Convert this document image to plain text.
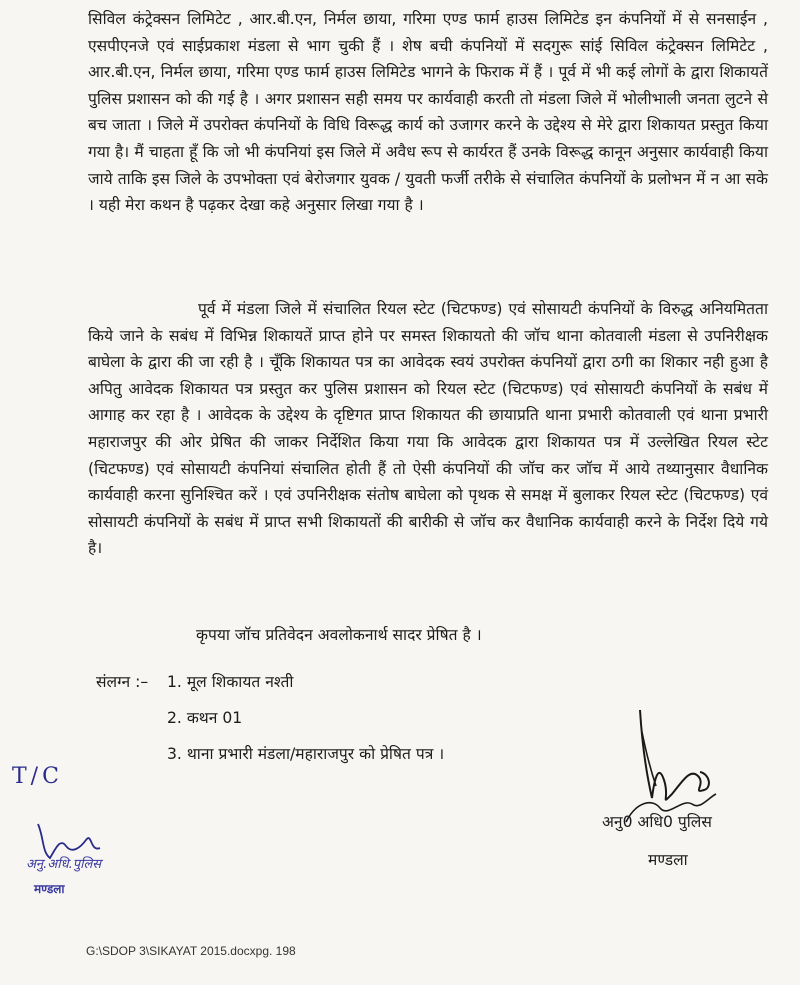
सिविल कंट्रेक्सन लिमिटेट , आर.बी.एन, निर्मल छाया, गरिमा एण्ड फार्म हाउस लिमिटेड इन कंपनियों में से सनसाईन , एसपीएनजे एवं साईप्रकाश मंडला से भाग चुकी हैं । शेष बची कंपनियों में सदगुरू सांई सिविल कंट्रेक्सन लिमिटेट , आर.बी.एन, निर्मल छाया, गरिमा एण्ड फार्म हाउस लिमिटेड भागने के फिराक में हैं । पूर्व में भी कई लोगों के द्वारा शिकायतें पुलिस प्रशासन को की गई है । अगर प्रशासन सही समय पर कार्यवाही करती तो मंडला जिले में भोलीभाली जनता लुटने से बच जाता । जिले में उपरोक्त कंपनियों के विधि विरूद्ध कार्य को उजागर करने के उद्देश्य से मेरे द्वारा शिकायत प्रस्तुत किया गया है। मैं चाहता हूँ कि जो भी कंपनियां इस जिले में अवैध रूप से कार्यरत हैं उनके विरूद्ध कानून अनुसार कार्यवाही किया जाये ताकि इस जिले के उपभोक्ता एवं बेरोजगार युवक / युवती फर्जी तरीके से संचालित कंपनियों के प्रलोभन में न आ सके । यही मेरा कथन है पढ़कर देखा कहे अनुसार लिखा गया है ।

पूर्व में मंडला जिले में संचालित रियल स्टेट (चिटफण्ड) एवं सोसायटी कंपनियों के विरुद्ध अनियमितता किये जाने के सबंध में विभिन्न शिकायतें प्राप्त होने पर समस्त शिकायतो की जॉच थाना कोतवाली मंडला से उपनिरीक्षक बाघेला के द्वारा की जा रही है । चूँकि शिकायत पत्र का आवेदक स्वयं उपरोक्त कंपनियों द्वारा ठगी का शिकार नही हुआ है अपितु आवेदक शिकायत पत्र प्रस्तुत कर पुलिस प्रशासन को रियल स्टेट (चिटफण्ड) एवं सोसायटी कंपनियों के सबंध में आगाह कर रहा है । आवेदक के उद्देश्य के दृष्टिगत प्राप्त शिकायत की छायाप्रति थाना प्रभारी कोतवाली एवं थाना प्रभारी महाराजपुर की ओर प्रेषित की जाकर निर्देशित किया गया कि आवेदक द्वारा शिकायत पत्र में उल्लेखित रियल स्टेट (चिटफण्ड) एवं सोसायटी कंपनियां संचालित होती हैं तो ऐसी कंपनियों की जॉच कर जॉच में आये तथ्यानुसार वैधानिक कार्यवाही करना सुनिश्चित करें । एवं उपनिरीक्षक संतोष बाघेला को पृथक से समक्ष में बुलाकर रियल स्टेट (चिटफण्ड) एवं सोसायटी कंपनियों के सबंध में प्राप्त सभी शिकायतों की बारीकी से जॉच कर वैधानिक कार्यवाही करने के निर्देश दिये गये है।

कृपया जॉच प्रतिवेदन अवलोकनार्थ सादर प्रेषित है ।

संलग्न :– 1. मूल शिकायत नश्ती

2. कथन 01

3. थाना प्रभारी मंडला/महाराजपुर को प्रेषित पत्र ।

अनु0 अधि0 पुलिस

मण्डला

T/C
अनु.अधि.पुलिस
मण्डला
G:\SDOP 3\SIKAYAT 2015.docxpg. 198
